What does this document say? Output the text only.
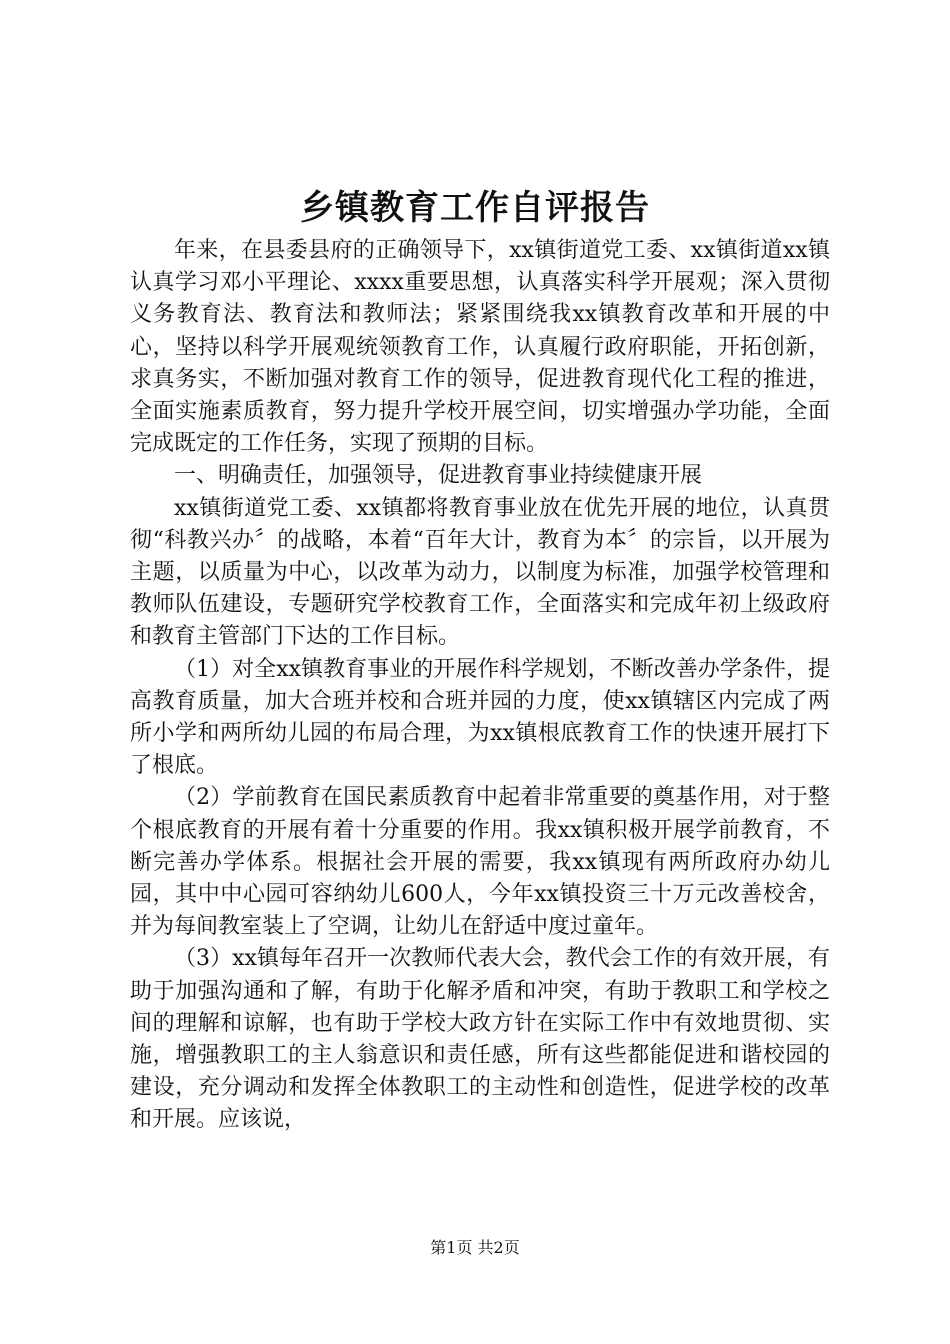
乡镇教育工作自评报告

年来，在县委县府的正确领导下，xx镇街道党工委、xx镇街道xx镇认真学习邓小平理论、xxxx重要思想，认真落实科学开展观；深入贯彻义务教育法、教育法和教师法；紧紧围绕我xx镇教育改革和开展的中心，坚持以科学开展观统领教育工作，认真履行政府职能，开拓创新，求真务实，不断加强对教育工作的领导，促进教育现代化工程的推进，全面实施素质教育，努力提升学校开展空间，切实增强办学功能，全面完成既定的工作任务，实现了预期的目标。

一、明确责任，加强领导，促进教育事业持续健康开展

xx镇街道党工委、xx镇都将教育事业放在优先开展的地位，认真贯彻“科教兴办〞的战略，本着“百年大计，教育为本〞的宗旨，以开展为主题，以质量为中心，以改革为动力，以制度为标准，加强学校管理和教师队伍建设，专题研究学校教育工作，全面落实和完成年初上级政府和教育主管部门下达的工作目标。

（1）对全xx镇教育事业的开展作科学规划，不断改善办学条件，提高教育质量，加大合班并校和合班并园的力度，使xx镇辖区内完成了两所小学和两所幼儿园的布局合理，为xx镇根底教育工作的快速开展打下了根底。

（2）学前教育在国民素质教育中起着非常重要的奠基作用，对于整个根底教育的开展有着十分重要的作用。我xx镇积极开展学前教育，不断完善办学体系。根据社会开展的需要，我xx镇现有两所政府办幼儿园，其中中心园可容纳幼儿600人，今年xx镇投资三十万元改善校舍，并为每间教室装上了空调，让幼儿在舒适中度过童年。

（3）xx镇每年召开一次教师代表大会，教代会工作的有效开展，有助于加强沟通和了解，有助于化解矛盾和冲突，有助于教职工和学校之间的理解和谅解，也有助于学校大政方针在实际工作中有效地贯彻、实施，增强教职工的主人翁意识和责任感，所有这些都能促进和谐校园的建设，充分调动和发挥全体教职工的主动性和创造性，促进学校的改革和开展。应该说，

第1页 共2页
